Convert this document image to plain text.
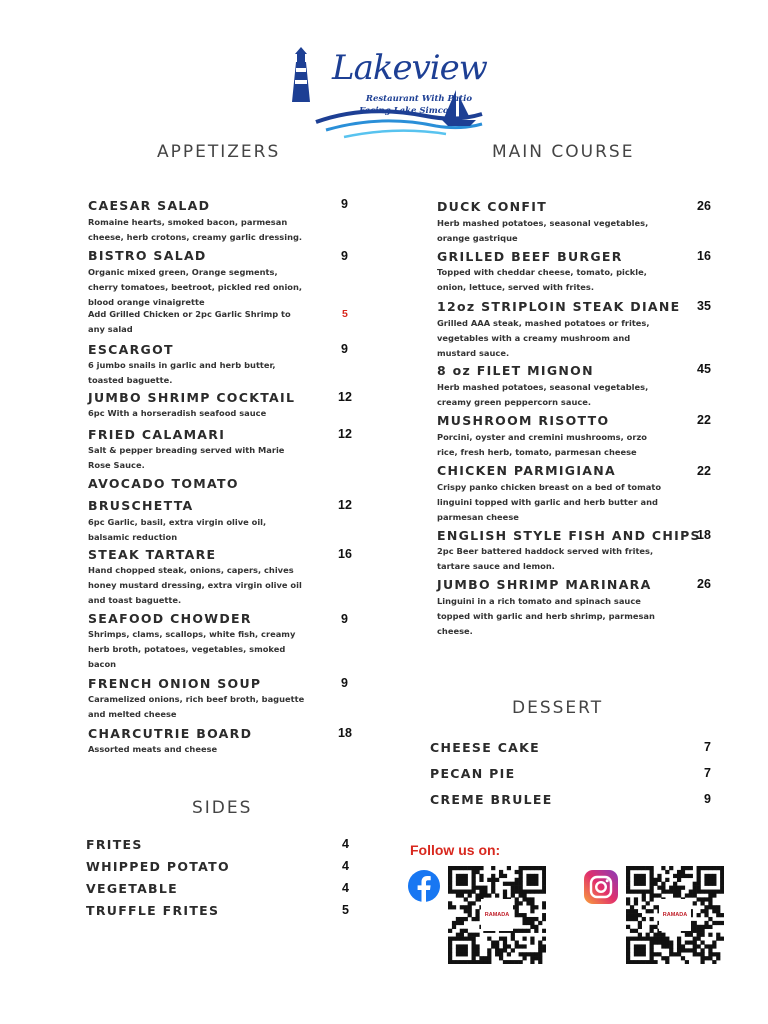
Lakeview
Restaurant With Patio
Facing Lake Simcoe
APPETIZERS	MAIN COURSE
DESSERT
SIDES
CAESAR SALAD	9
Romaine hearts, smoked bacon, parmesan
cheese, herb crotons, creamy garlic dressing.
BISTRO SALAD	9
Organic mixed green, Orange segments,
cherry tomatoes, beetroot, pickled red onion,
blood orange vinaigrette
Add Grilled Chicken or 2pc Garlic Shrimp to
any salad
5
ESCARGOT	9
6 jumbo snails in garlic and herb butter,
toasted baguette.
JUMBO SHRIMP COCKTAIL	12
6pc With a horseradish seafood sauce
FRIED CALAMARI	12
Salt & pepper breading served with Marie
Rose Sauce.
AVOCADO TOMATO
BRUSCHETTA	12
6pc Garlic, basil, extra virgin olive oil,
balsamic reduction
STEAK TARTARE	16
Hand chopped steak, onions, capers, chives
honey mustard dressing, extra virgin olive oil
and toast baguette.
SEAFOOD CHOWDER	9
Shrimps, clams, scallops, white fish, creamy
herb broth, potatoes, vegetables, smoked
bacon
FRENCH ONION SOUP	9
Caramelized onions, rich beef broth, baguette
and melted cheese
CHARCUTRIE BOARD	18
Assorted meats and cheese
DUCK CONFIT	26
Herb mashed potatoes, seasonal vegetables,
orange gastrique
GRILLED BEEF BURGER	16
Topped with cheddar cheese, tomato, pickle,
onion, lettuce, served with frites.
12oz STRIPLOIN STEAK DIANE 35
Grilled AAA steak, mashed potatoes or frites,
vegetables with a creamy mushroom and
mustard sauce.
8 oz FILET MIGNON	45
Herb mashed potatoes, seasonal vegetables,
creamy green peppercorn sauce.
MUSHROOM RISOTTO	22
Porcini, oyster and cremini mushrooms, orzo
rice, fresh herb, tomato, parmesan cheese
CHICKEN PARMIGIANA	22
Crispy panko chicken breast on a bed of tomato
linguini topped with garlic and herb butter and
parmesan cheese
ENGLISH STYLE FISH AND CHIPS
18
2pc Beer battered haddock served with frites,
tartare sauce and lemon.
JUMBO SHRIMP MARINARA	26
Linguini in a rich tomato and spinach sauce
topped with garlic and herb shrimp, parmesan
cheese.
CHEESE CAKE	7
PECAN PIE	7
CREME BRULEE	9
FRITES	4
WHIPPED POTATO	4
VEGETABLE	4
TRUFFLE FRITES	5
Follow us on:
RAMADA	RAMADA
